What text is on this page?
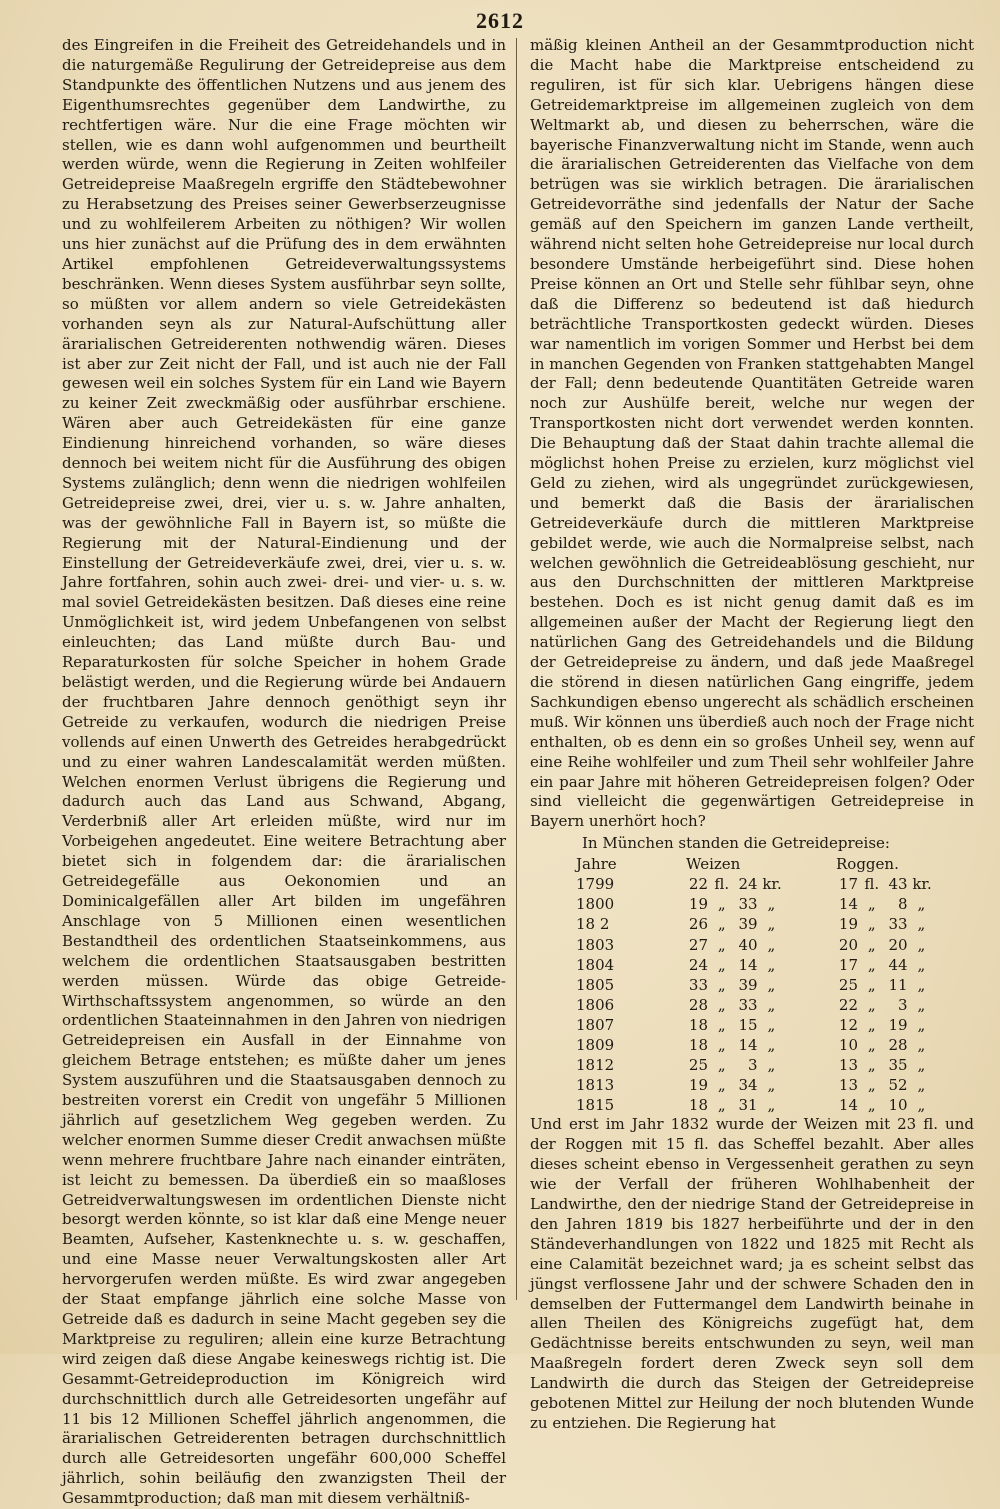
2612

des Eingreifen in die Freiheit des Getreidehandels und in die naturgemäße Regulirung der Getreidepreise aus dem Standpunkte des öffentlichen Nutzens und aus jenem des Eigenthumsrechtes gegenüber dem Landwirthe, zu rechtfertigen wäre. Nur die eine Frage möchten wir stellen, wie es dann wohl aufgenommen und beurtheilt werden würde, wenn die Regierung in Zeiten wohlfeiler Getreidepreise Maaßregeln ergriffe den Städtebewohner zu Herabsetzung des Preises seiner Gewerbserzeugnisse und zu wohlfeilerem Arbeiten zu nöthigen? Wir wollen uns hier zunächst auf die Prüfung des in dem erwähnten Artikel empfohlenen Getreideverwaltungssystems beschränken. Wenn dieses System ausführbar seyn sollte, so müßten vor allem andern so viele Getreidekästen vorhanden seyn als zur Natural-Aufschüttung aller ärarialischen Getreiderenten nothwendig wären. Dieses ist aber zur Zeit nicht der Fall, und ist auch nie der Fall gewesen weil ein solches System für ein Land wie Bayern zu keiner Zeit zweckmäßig oder ausführbar erschiene. Wären aber auch Getreidekästen für eine ganze Eindienung hinreichend vorhanden, so wäre dieses dennoch bei weitem nicht für die Ausführung des obigen Systems zulänglich; denn wenn die niedrigen wohlfeilen Getreidepreise zwei, drei, vier u. s. w. Jahre anhalten, was der gewöhnliche Fall in Bayern ist, so müßte die Regierung mit der Natural-Eindienung und der Einstellung der Getreideverkäufe zwei, drei, vier u. s. w. Jahre fortfahren, sohin auch zwei- drei- und vier- u. s. w. mal soviel Getreidekästen besitzen. Daß dieses eine reine Unmöglichkeit ist, wird jedem Unbefangenen von selbst einleuchten; das Land müßte durch Bau- und Reparaturkosten für solche Speicher in hohem Grade belästigt werden, und die Regierung würde bei Andauern der fruchtbaren Jahre dennoch genöthigt seyn ihr Getreide zu verkaufen, wodurch die niedrigen Preise vollends auf einen Unwerth des Getreides herabgedrückt und zu einer wahren Landescalamität werden müßten. Welchen enormen Verlust übrigens die Regierung und dadurch auch das Land aus Schwand, Abgang, Verderbniß aller Art erleiden müßte, wird nur im Vorbeigehen angedeutet. Eine weitere Betrachtung aber bietet sich in folgendem dar: die ärarialischen Getreidegefälle aus Oekonomien und an Dominicalgefällen aller Art bilden im ungefähren Anschlage von 5 Millionen einen wesentlichen Bestandtheil des ordentlichen Staatseinkommens, aus welchem die ordentlichen Staatsausgaben bestritten werden müssen. Würde das obige Getreide-Wirthschaftssystem angenommen, so würde an den ordentlichen Staateinnahmen in den Jahren von niedrigen Getreidepreisen ein Ausfall in der Einnahme von gleichem Betrage entstehen; es müßte daher um jenes System auszuführen und die Staatsausgaben dennoch zu bestreiten vorerst ein Credit von ungefähr 5 Millionen jährlich auf gesetzlichem Weg gegeben werden. Zu welcher enormen Summe dieser Credit anwachsen müßte wenn mehrere fruchtbare Jahre nach einander einträten, ist leicht zu bemessen. Da überdieß ein so maaßloses Getreidverwaltungswesen im ordentlichen Dienste nicht besorgt werden könnte, so ist klar daß eine Menge neuer Beamten, Aufseher, Kastenknechte u. s. w. geschaffen, und eine Masse neuer Verwaltungskosten aller Art hervorgerufen werden müßte. Es wird zwar angegeben der Staat empfange jährlich eine solche Masse von Getreide daß es dadurch in seine Macht gegeben sey die Marktpreise zu reguliren; allein eine kurze Betrachtung wird zeigen daß diese Angabe keineswegs richtig ist. Die Gesammt-Getreideproduction im Königreich wird durchschnittlich durch alle Getreidesorten ungefähr auf 11 bis 12 Millionen Scheffel jährlich angenommen, die ärarialischen Getreiderenten betragen durchschnittlich durch alle Getreidesorten ungefähr 600,000 Scheffel jährlich, sohin beiläufig den zwanzigsten Theil der Gesammtproduction; daß man mit diesem verhältniß-

mäßig kleinen Antheil an der Gesammtproduction nicht die Macht habe die Marktpreise entscheidend zu reguliren, ist für sich klar. Uebrigens hängen diese Getreidemarktpreise im allgemeinen zugleich von dem Weltmarkt ab, und diesen zu beherrschen, wäre die bayerische Finanzverwaltung nicht im Stande, wenn auch die ärarialischen Getreiderenten das Vielfache von dem betrügen was sie wirklich betragen. Die ärarialischen Getreidevorräthe sind jedenfalls der Natur der Sache gemäß auf den Speichern im ganzen Lande vertheilt, während nicht selten hohe Getreidepreise nur local durch besondere Umstände herbeigeführt sind. Diese hohen Preise können an Ort und Stelle sehr fühlbar seyn, ohne daß die Differenz so bedeutend ist daß hiedurch beträchtliche Transportkosten gedeckt würden. Dieses war namentlich im vorigen Sommer und Herbst bei dem in manchen Gegenden von Franken stattgehabten Mangel der Fall; denn bedeutende Quantitäten Getreide waren noch zur Aushülfe bereit, welche nur wegen der Transportkosten nicht dort verwendet werden konnten. Die Behauptung daß der Staat dahin trachte allemal die möglichst hohen Preise zu erzielen, kurz möglichst viel Geld zu ziehen, wird als ungegründet zurückgewiesen, und bemerkt daß die Basis der ärarialischen Getreideverkäufe durch die mittleren Marktpreise gebildet werde, wie auch die Normalpreise selbst, nach welchen gewöhnlich die Getreideablösung geschieht, nur aus den Durchschnitten der mittleren Marktpreise bestehen. Doch es ist nicht genug damit daß es im allgemeinen außer der Macht der Regierung liegt den natürlichen Gang des Getreidehandels und die Bildung der Getreidepreise zu ändern, und daß jede Maaßregel die störend in diesen natürlichen Gang eingriffe, jedem Sachkundigen ebenso ungerecht als schädlich erscheinen muß. Wir können uns überdieß auch noch der Frage nicht enthalten, ob es denn ein so großes Unheil sey, wenn auf eine Reihe wohlfeiler und zum Theil sehr wohlfeiler Jahre ein paar Jahre mit höheren Getreidepreisen folgen? Oder sind vielleicht die gegenwärtigen Getreidepreise in Bayern unerhört hoch?

In München standen die Getreidepreise:
Jahre	Weizen	Roggen.
1799	22 fl. 24 kr.	17 fl. 43 kr.
1800	19 „ 33 „	14 „ 8 „
18 2	26 „ 39 „	19 „ 33 „
1803	27 „ 40 „	20 „ 20 „
1804	24 „ 14 „	17 „ 44 „
1805	33 „ 39 „	25 „ 11 „
1806	28 „ 33 „	22 „ 3 „
1807	18 „ 15 „	12 „ 19 „
1809	18 „ 14 „	10 „ 28 „
1812	25 „ 3 „	13 „ 35 „
1813	19 „ 34 „	13 „ 52 „
1815	18 „ 31 „	14 „ 10 „

Und erst im Jahr 1832 wurde der Weizen mit 23 fl. und der Roggen mit 15 fl. das Scheffel bezahlt. Aber alles dieses scheint ebenso in Vergessenheit gerathen zu seyn wie der Verfall der früheren Wohlhabenheit der Landwirthe, den der niedrige Stand der Getreidepreise in den Jahren 1819 bis 1827 herbeiführte und der in den Ständeverhandlungen von 1822 und 1825 mit Recht als eine Calamität bezeichnet ward; ja es scheint selbst das jüngst verflossene Jahr und der schwere Schaden den in demselben der Futtermangel dem Landwirth beinahe in allen Theilen des Königreichs zugefügt hat, dem Gedächtnisse bereits entschwunden zu seyn, weil man Maaßregeln fordert deren Zweck seyn soll dem Landwirth die durch das Steigen der Getreidepreise gebotenen Mittel zur Heilung der noch blutenden Wunde zu entziehen. Die Regierung hat
